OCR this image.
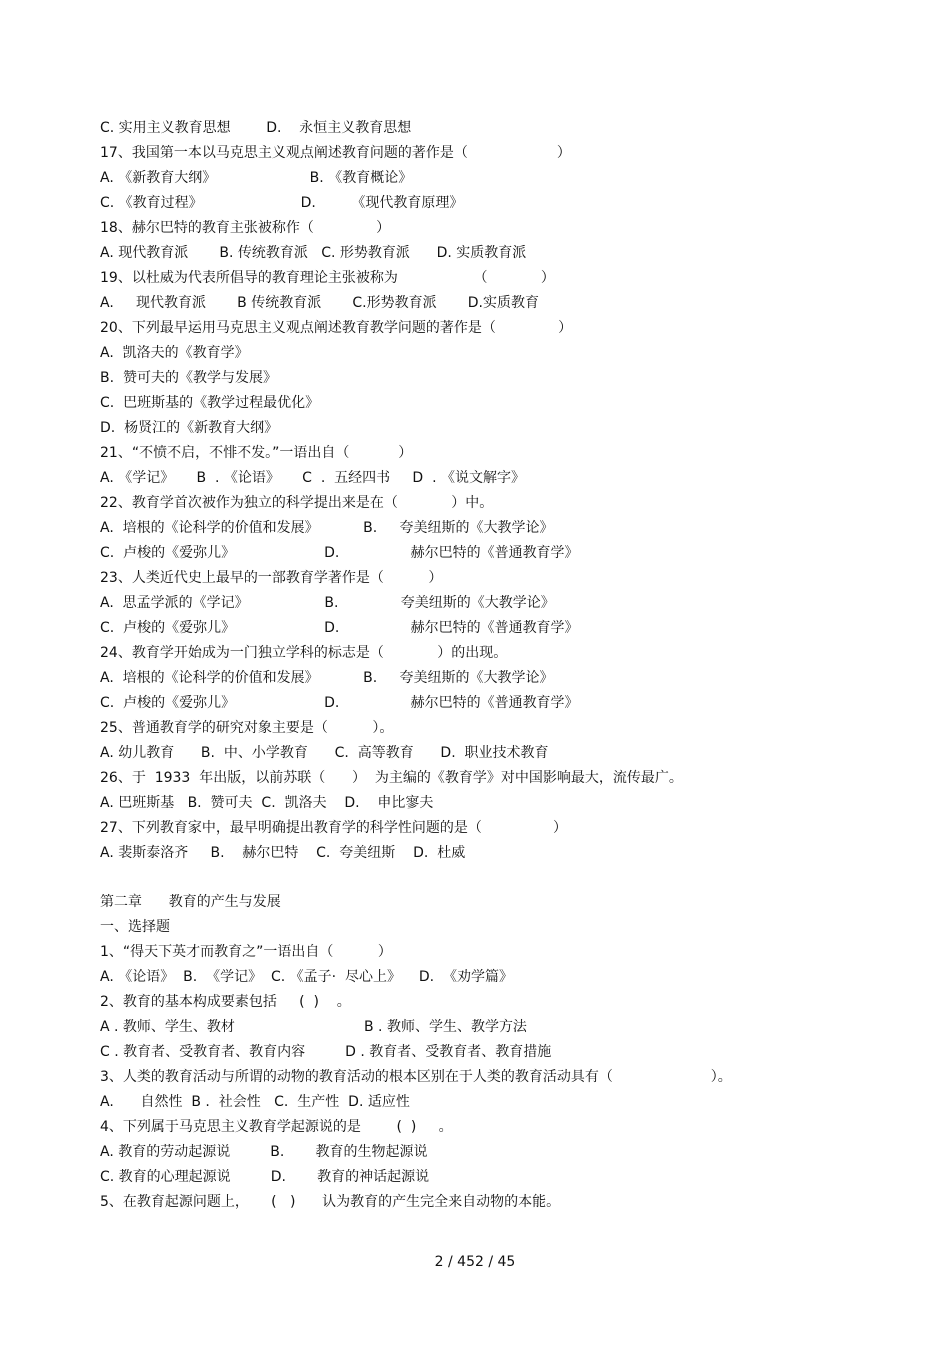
C. 实用主义教育思想        D.    永恒主义教育思想
17、我国第一本以马克思主义观点阐述教育问题的著作是（                    ）
A. 《新教育大纲》                     B. 《教育概论》
C. 《教育过程》                      D.        《现代教育原理》
18、赫尔巴特的教育主张被称作（              ）
A. 现代教育派       B. 传统教育派   C. 形势教育派      D. 实质教育派
19、以杜威为代表所倡导的教育理论主张被称为                 （            ）
A.     现代教育派       B 传统教育派       C.形势教育派       D.实质教育
20、下列最早运用马克思主义观点阐述教育教学问题的著作是（              ）
A.  凯洛夫的《教育学》
B.  赞可夫的《教学与发展》
C.  巴班斯基的《教学过程最优化》
D.  杨贤江的《新教育大纲》
21、“不愤不启，不悱不发。”一语出自（           ）
A. 《学记》     B  . 《论语》     C  .  五经四书     D  . 《说文解字》
22、教育学首次被作为独立的科学提出来是在（            ）中。
A.  培根的《论科学的价值和发展》          B.     夸美纽斯的《大教学论》
C.  卢梭的《爱弥儿》                    D.                赫尔巴特的《普通教育学》
23、人类近代史上最早的一部教育学著作是（          ）
A.  思孟学派的《学记》                 B.              夸美纽斯的《大教学论》
C.  卢梭的《爱弥儿》                    D.                赫尔巴特的《普通教育学》
24、教育学开始成为一门独立学科的标志是（            ）的出现。
A.  培根的《论科学的价值和发展》          B.     夸美纽斯的《大教学论》
C.  卢梭的《爱弥儿》                    D.                赫尔巴特的《普通教育学》
25、普通教育学的研究对象主要是（          ）。
A. 幼儿教育      B.  中、小学教育      C.  高等教育      D.  职业技术教育
26、于  1933  年出版，以前苏联（      ）  为主编的《教育学》对中国影响最大，流传最广。
A. 巴班斯基   B.  赞可夫  C.  凯洛夫    D.    申比寥夫
27、下列教育家中，最早明确提出教育学的科学性问题的是（                ）
A. 裴斯泰洛齐     B.    赫尔巴特    C.  夸美纽斯    D.  杜威
第二章      教育的产生与发展
一、选择题
1、“得天下英才而教育之”一语出自（          ）
A. 《论语》  B.  《学记》  C. 《孟子·  尽心上》    D.  《劝学篇》
2、教育的基本构成要素包括     (  )    。
A . 教师、学生、教材                             B . 教师、学生、教学方法
C . 教育者、受教育者、教育内容         D . 教育者、受教育者、教育措施
3、人类的教育活动与所谓的动物的教育活动的根本区别在于人类的教育活动具有（                      ）。
A.      自然性  B .  社会性   C.  生产性  D. 适应性
4、下列属于马克思主义教育学起源说的是        (  )     。
A. 教育的劳动起源说         B.       教育的生物起源说
C. 教育的心理起源说         D.       教育的神话起源说
5、在教育起源问题上，     (   )      认为教育的产生完全来自动物的本能。
2 / 452 / 45
